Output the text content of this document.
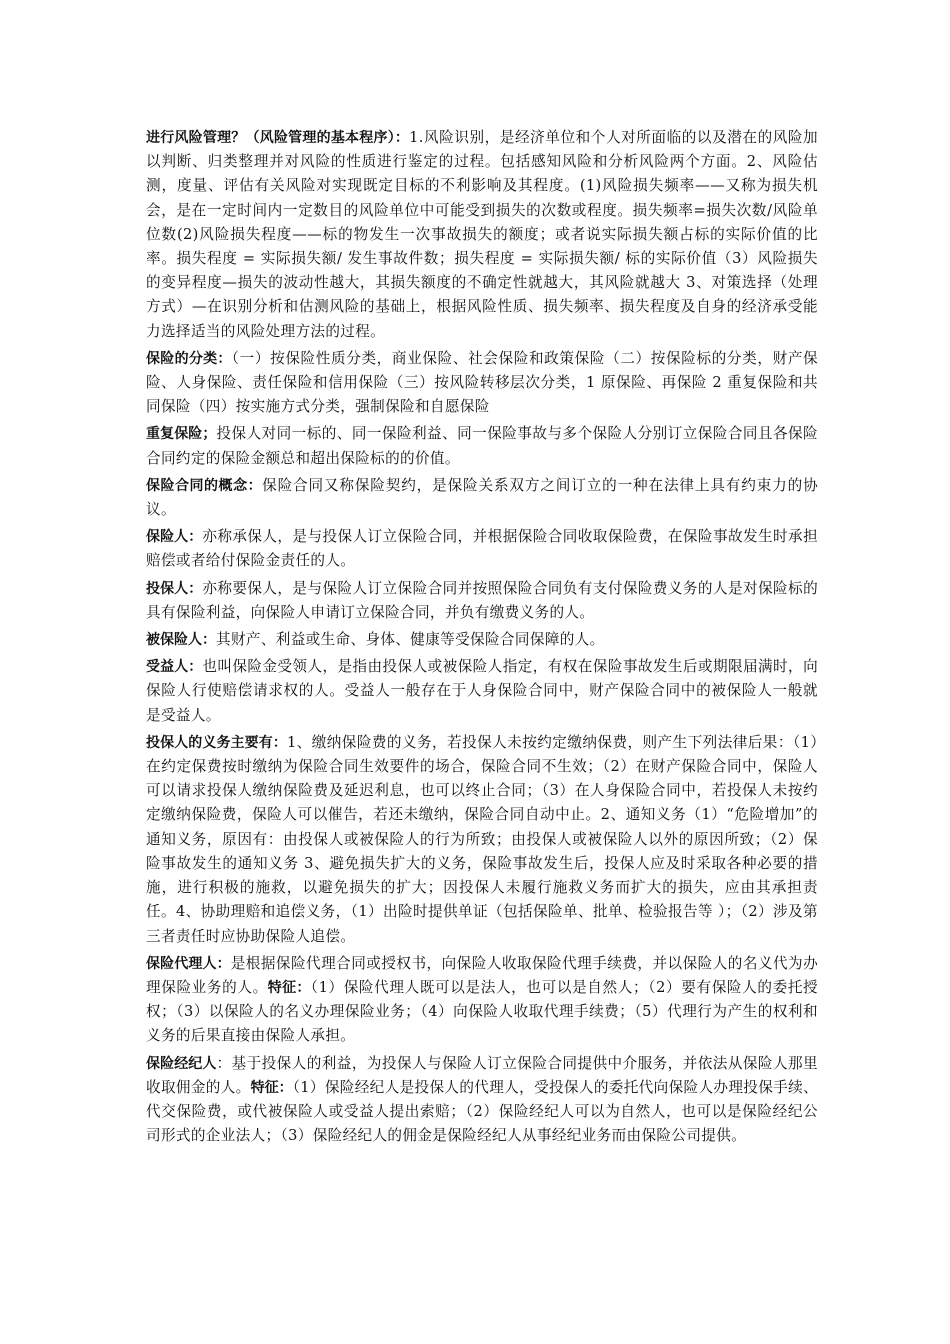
进行风险管理？（风险管理的基本程序）：1.风险识别，是经济单位和个人对所面临的以及潜在的风险加以判断、归类整理并对风险的性质进行鉴定的过程。包括感知风险和分析风险两个方面。2、风险估测，度量、评估有关风险对实现既定目标的不利影响及其程度。(1)风险损失频率——又称为损失机会，是在一定时间内一定数目的风险单位中可能受到损失的次数或程度。损失频率=损失次数/风险单位数(2)风险损失程度——标的物发生一次事故损失的额度；或者说实际损失额占标的实际价值的比率。损失程度 = 实际损失额/ 发生事故件数；损失程度 = 实际损失额/ 标的实际价值（3）风险损失的变异程度—损失的波动性越大，其损失额度的不确定性就越大，其风险就越大 3、对策选择（处理方式）—在识别分析和估测风险的基础上，根据风险性质、损失频率、损失程度及自身的经济承受能力选择适当的风险处理方法的过程。

保险的分类：（一）按保险性质分类，商业保险、社会保险和政策保险（二）按保险标的分类，财产保险、人身保险、责任保险和信用保险（三）按风险转移层次分类，1 原保险、再保险 2 重复保险和共同保险（四）按实施方式分类，强制保险和自愿保险

重复保险；投保人对同一标的、同一保险利益、同一保险事故与多个保险人分别订立保险合同且各保险合同约定的保险金额总和超出保险标的的价值。

保险合同的概念：保险合同又称保险契约，是保险关系双方之间订立的一种在法律上具有约束力的协议。

保险人：亦称承保人，是与投保人订立保险合同，并根据保险合同收取保险费，在保险事故发生时承担赔偿或者给付保险金责任的人。

投保人：亦称要保人，是与保险人订立保险合同并按照保险合同负有支付保险费义务的人是对保险标的具有保险利益，向保险人申请订立保险合同，并负有缴费义务的人。

被保险人：其财产、利益或生命、身体、健康等受保险合同保障的人。

受益人：也叫保险金受领人，是指由投保人或被保险人指定，有权在保险事故发生后或期限届满时，向保险人行使赔偿请求权的人。受益人一般存在于人身保险合同中，财产保险合同中的被保险人一般就是受益人。

投保人的义务主要有：1、缴纳保险费的义务，若投保人未按约定缴纳保费，则产生下列法律后果：（1）在约定保费按时缴纳为保险合同生效要件的场合，保险合同不生效；（2）在财产保险合同中，保险人可以请求投保人缴纳保险费及延迟利息，也可以终止合同；（3）在人身保险合同中，若投保人未按约定缴纳保险费，保险人可以催告，若还未缴纳，保险合同自动中止。2、通知义务（1）“危险增加”的通知义务，原因有：由投保人或被保险人的行为所致；由投保人或被保险人以外的原因所致；（2）保险事故发生的通知义务 3、避免损失扩大的义务，保险事故发生后，投保人应及时采取各种必要的措施，进行积极的施救，以避免损失的扩大；因投保人未履行施救义务而扩大的损失，应由其承担责任。4、协助理赔和追偿义务，（1）出险时提供单证（包括保险单、批单、检验报告等 ）；（2）涉及第三者责任时应协助保险人追偿。

保险代理人：是根据保险代理合同或授权书，向保险人收取保险代理手续费，并以保险人的名义代为办理保险业务的人。特征：（1）保险代理人既可以是法人，也可以是自然人；（2）要有保险人的委托授权；（3）以保险人的名义办理保险业务；（4）向保险人收取代理手续费；（5）代理行为产生的权利和义务的后果直接由保险人承担。

保险经纪人：基于投保人的利益，为投保人与保险人订立保险合同提供中介服务，并依法从保险人那里收取佣金的人。特征：（1）保险经纪人是投保人的代理人，受投保人的委托代向保险人办理投保手续、代交保险费，或代被保险人或受益人提出索赔；（2）保险经纪人可以为自然人，也可以是保险经纪公司形式的企业法人；（3）保险经纪人的佣金是保险经纪人从事经纪业务而由保险公司提供。
